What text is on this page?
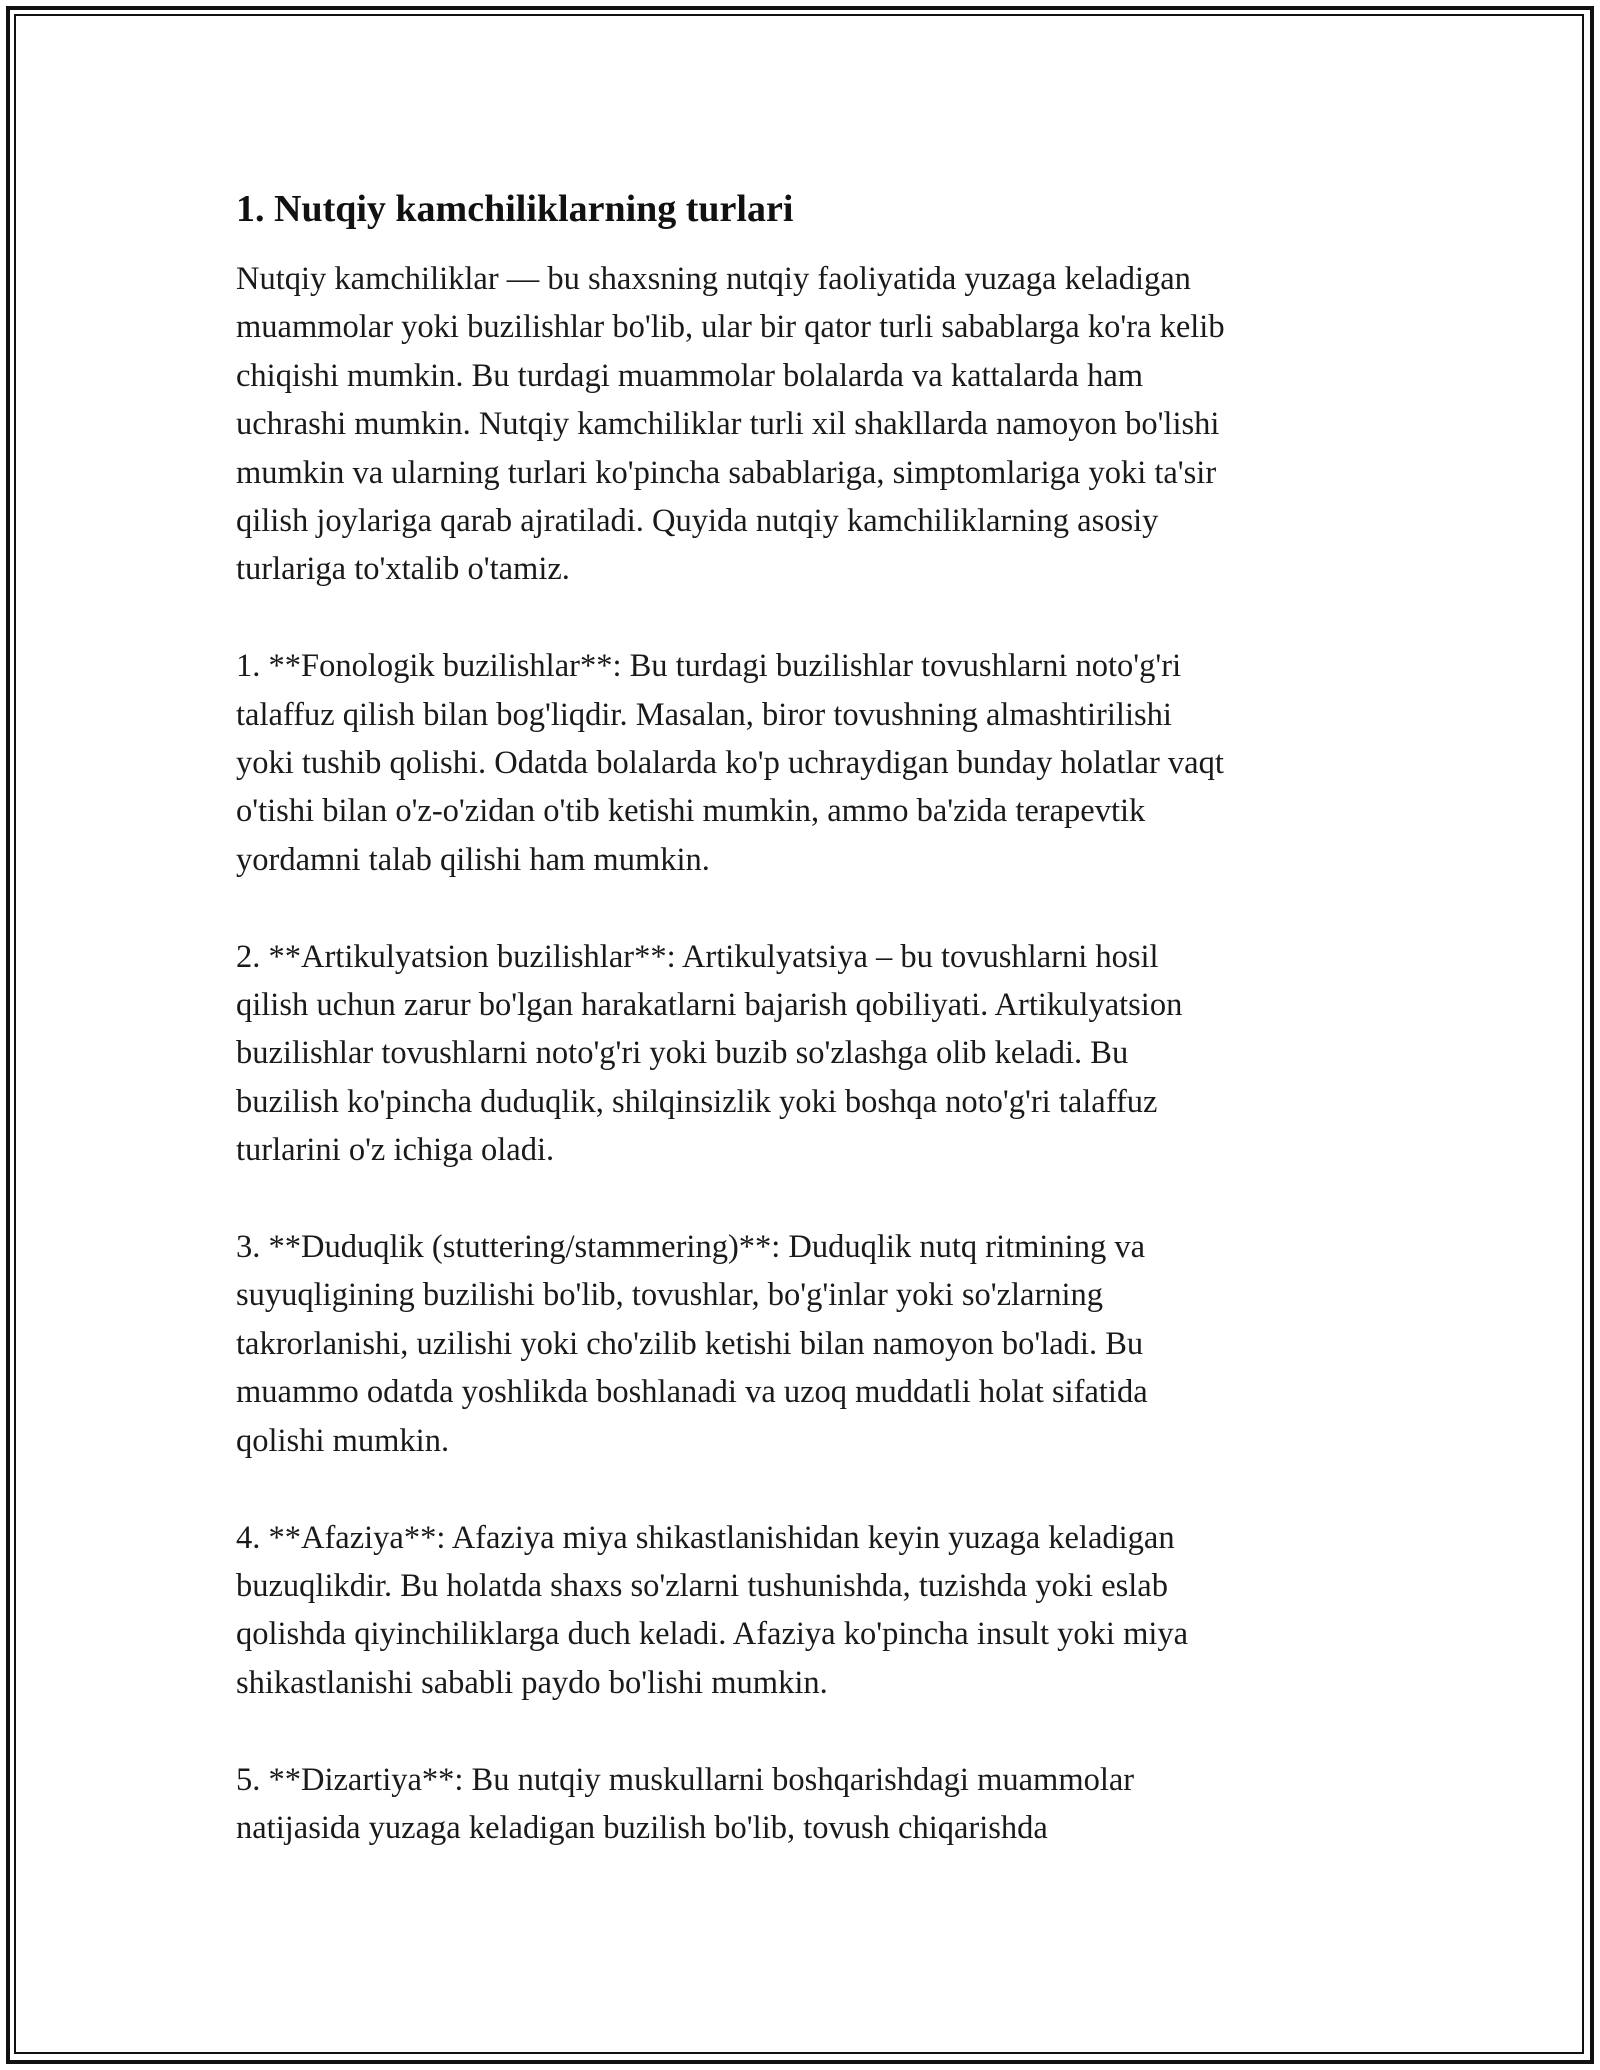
1. Nutqiy kamchiliklarning turlari

Nutqiy kamchiliklar — bu shaxsning nutqiy faoliyatida yuzaga keladigan
muammolar yoki buzilishlar bo'lib, ular bir qator turli sabablarga ko'ra kelib
chiqishi mumkin. Bu turdagi muammolar bolalarda va kattalarda ham
uchrashi mumkin. Nutqiy kamchiliklar turli xil shakllarda namoyon bo'lishi
mumkin va ularning turlari ko'pincha sabablariga, simptomlariga yoki ta'sir
qilish joylariga qarab ajratiladi. Quyida nutqiy kamchiliklarning asosiy
turlariga to'xtalib o'tamiz.

1. **Fonologik buzilishlar**: Bu turdagi buzilishlar tovushlarni noto'g'ri
talaffuz qilish bilan bog'liqdir. Masalan, biror tovushning almashtirilishi
yoki tushib qolishi. Odatda bolalarda ko'p uchraydigan bunday holatlar vaqt
o'tishi bilan o'z-o'zidan o'tib ketishi mumkin, ammo ba'zida terapevtik
yordamni talab qilishi ham mumkin.

2. **Artikulyatsion buzilishlar**: Artikulyatsiya – bu tovushlarni hosil
qilish uchun zarur bo'lgan harakatlarni bajarish qobiliyati. Artikulyatsion
buzilishlar tovushlarni noto'g'ri yoki buzib so'zlashga olib keladi. Bu
buzilish ko'pincha duduqlik, shilqinsizlik yoki boshqa noto'g'ri talaffuz
turlarini o'z ichiga oladi.

3. **Duduqlik (stuttering/stammering)**: Duduqlik nutq ritmining va
suyuqligining buzilishi bo'lib, tovushlar, bo'g'inlar yoki so'zlarning
takrorlanishi, uzilishi yoki cho'zilib ketishi bilan namoyon bo'ladi. Bu
muammo odatda yoshlikda boshlanadi va uzoq muddatli holat sifatida
qolishi mumkin.

4. **Afaziya**: Afaziya miya shikastlanishidan keyin yuzaga keladigan
buzuqlikdir. Bu holatda shaxs so'zlarni tushunishda, tuzishda yoki eslab
qolishda qiyinchiliklarga duch keladi. Afaziya ko'pincha insult yoki miya
shikastlanishi sababli paydo bo'lishi mumkin.

5. **Dizartiya**: Bu nutqiy muskullarni boshqarishdagi muammolar
natijasida yuzaga keladigan buzilish bo'lib, tovush chiqarishda
